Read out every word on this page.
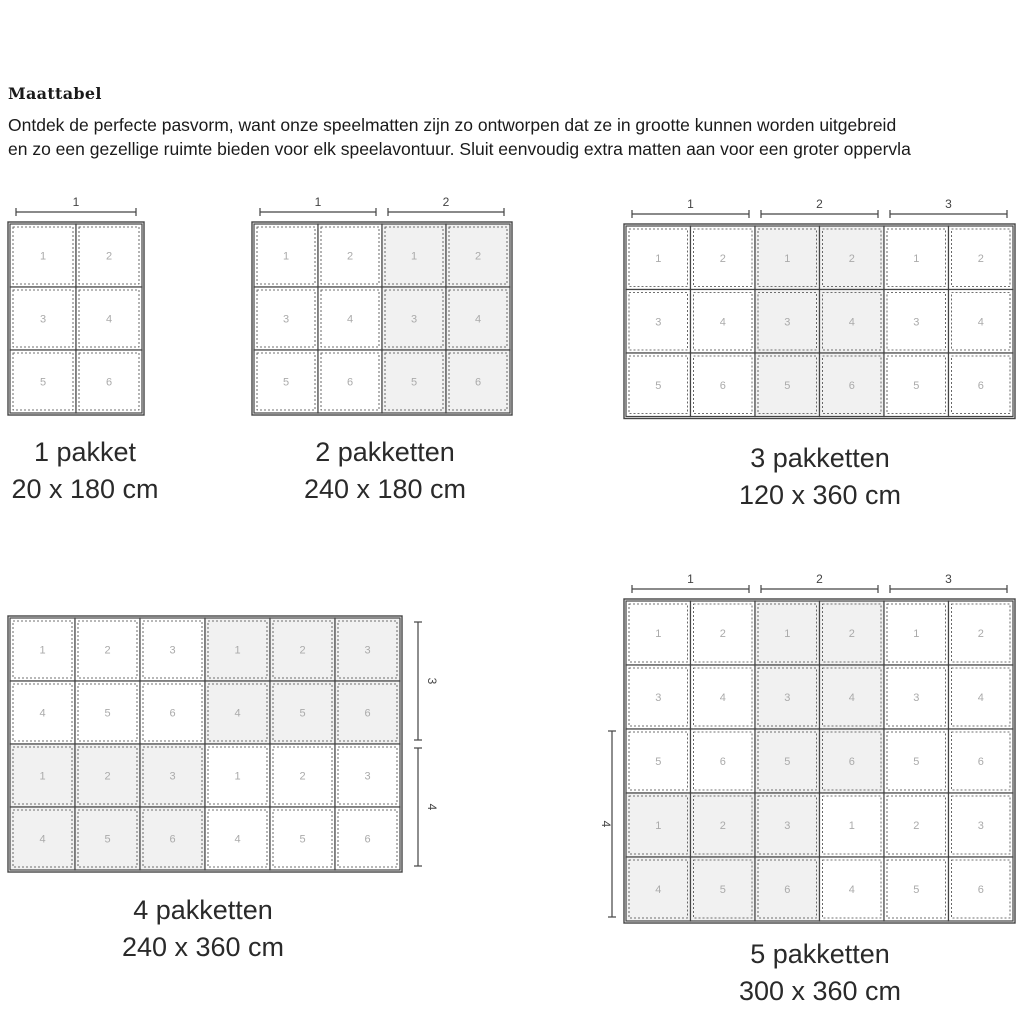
Maattabel
Ontdek de perfecte pasvorm, want onze speelmatten zijn zo ontworpen dat ze in grootte kunnen worden uitgebreid
en zo een gezellige ruimte bieden voor elk speelavontuur. Sluit eenvoudig extra matten aan voor een groter oppervla
1	2
3	4
5	6
1
1	2
3	4
5	6
1	2
3	4
5	6
1	2
1	2
3	4
5	6
1	2
3	4
5	6
1	2
3	4
5	6
1	2	3
1	2	3
4	5	6
1	2	3
4	5	6
1	2	3
4	5	6
1	2	3
4	5	6
3
4
1	2
3	4
5	6
1	2
3	4
5	6
1	2
3	4
5	6
1	2	3
4	5	6
1	2	3
4	5	6
1	2	3
4
1 pakket
20 x 180 cm
2 pakketten
240 x 180 cm
3 pakketten
120 x 360 cm
4 pakketten
240 x 360 cm	5 pakketten
300 x 360 cm
